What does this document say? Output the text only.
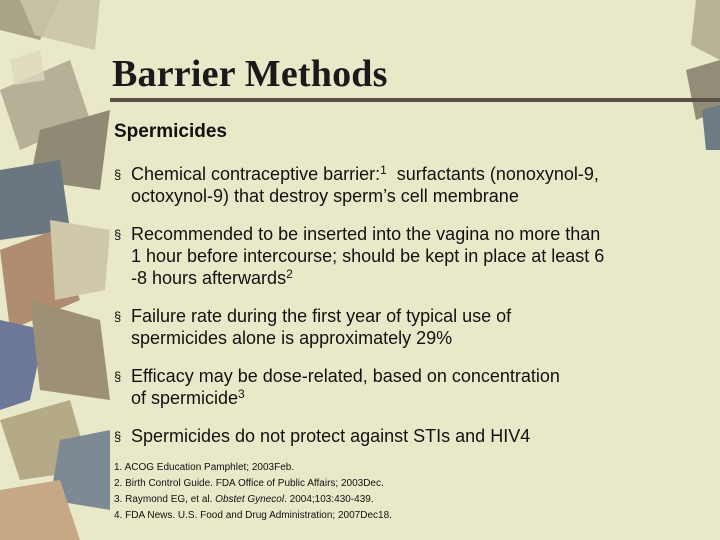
Barrier Methods
Spermicides
§ Chemical contraceptive barrier:$^1$  surfactants (nonoxynol-9,
octoxynol-9) that destroy sperm’s cell membrane
§ Recommended to be inserted into the vagina no more than
1 hour before intercourse; should be kept in place at least 6
-8 hours afterwards$^2$
§ Failure rate during the first year of typical use of
spermicides alone is approximately 29%
§ Efficacy may be dose-related, based on concentration
of spermicide$^3$
§ Spermicides do not protect against STIs and HIV4
1. ACOG Education Pamphlet; 2003Feb.
2. Birth Control Guide. FDA Office of Public Affairs; 2003Dec.
3. Raymond EG, et al. Obstet Gynecol. 2004;103:430-439.
4. FDA News. U.S. Food and Drug Administration; 2007Dec18.
